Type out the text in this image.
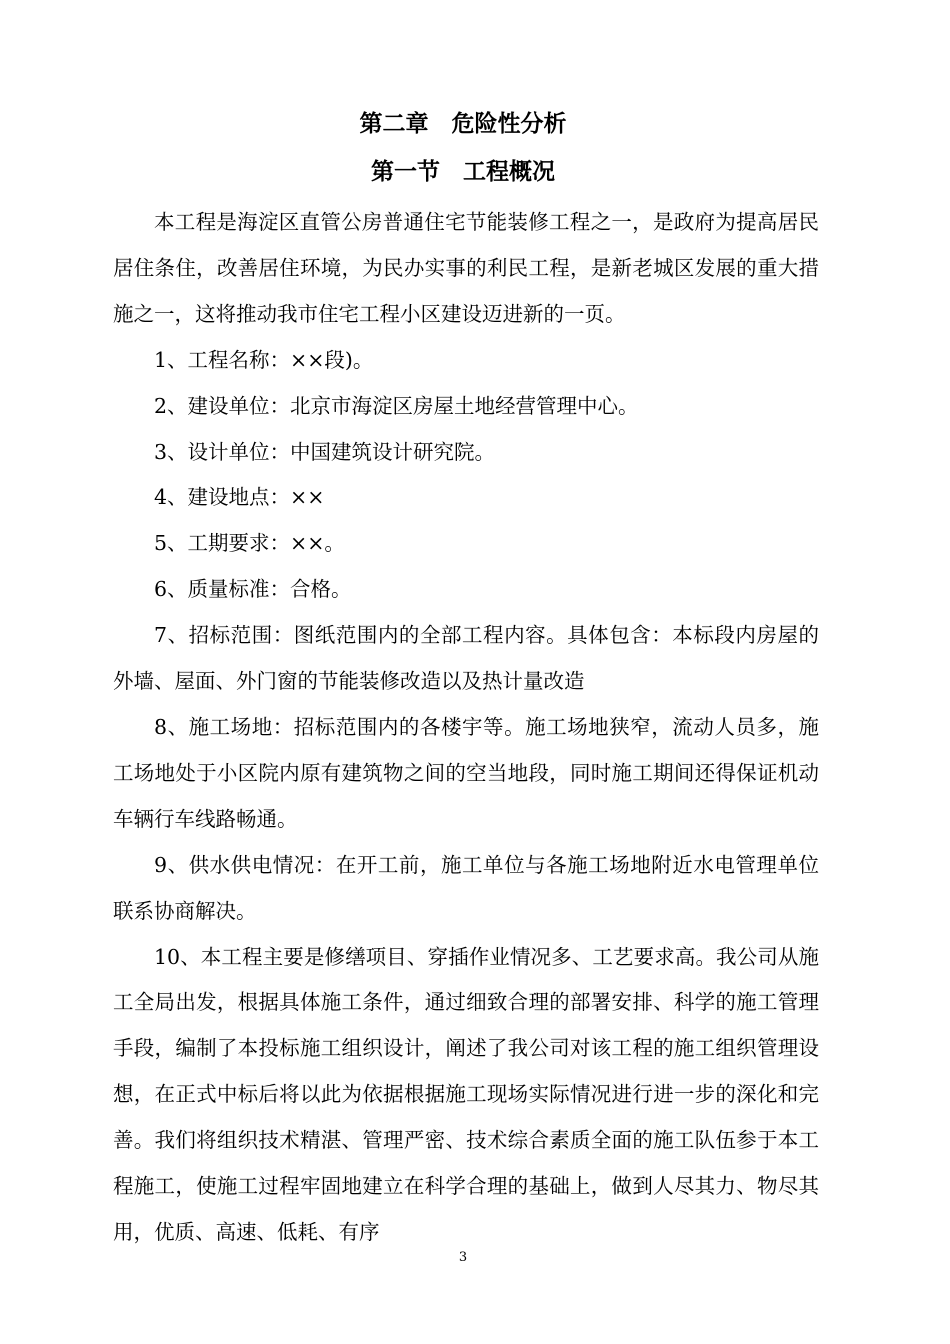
第二章　危险性分析
第一节　工程概况

本工程是海淀区直管公房普通住宅节能装修工程之一，是政府为提高居民居住条住，改善居住环境，为民办实事的利民工程，是新老城区发展的重大措施之一，这将推动我市住宅工程小区建设迈进新的一页。

1、工程名称：××段)。

2、建设单位：北京市海淀区房屋土地经营管理中心。

3、设计单位：中国建筑设计研究院。

4、建设地点：××

5、工期要求：××。

6、质量标准：合格。

7、招标范围：图纸范围内的全部工程内容。具体包含：本标段内房屋的外墙、屋面、外门窗的节能装修改造以及热计量改造

8、施工场地：招标范围内的各楼宇等。施工场地狭窄，流动人员多，施工场地处于小区院内原有建筑物之间的空当地段，同时施工期间还得保证机动车辆行车线路畅通。

9、供水供电情况：在开工前，施工单位与各施工场地附近水电管理单位联系协商解决。

10、本工程主要是修缮项目、穿插作业情况多、工艺要求高。我公司从施工全局出发，根据具体施工条件，通过细致合理的部署安排、科学的施工管理手段，编制了本投标施工组织设计，阐述了我公司对该工程的施工组织管理设想，在正式中标后将以此为依据根据施工现场实际情况进行进一步的深化和完善。我们将组织技术精湛、管理严密、技术综合素质全面的施工队伍参于本工程施工，使施工过程牢固地建立在科学合理的基础上，做到人尽其力、物尽其用，优质、高速、低耗、有序

3
